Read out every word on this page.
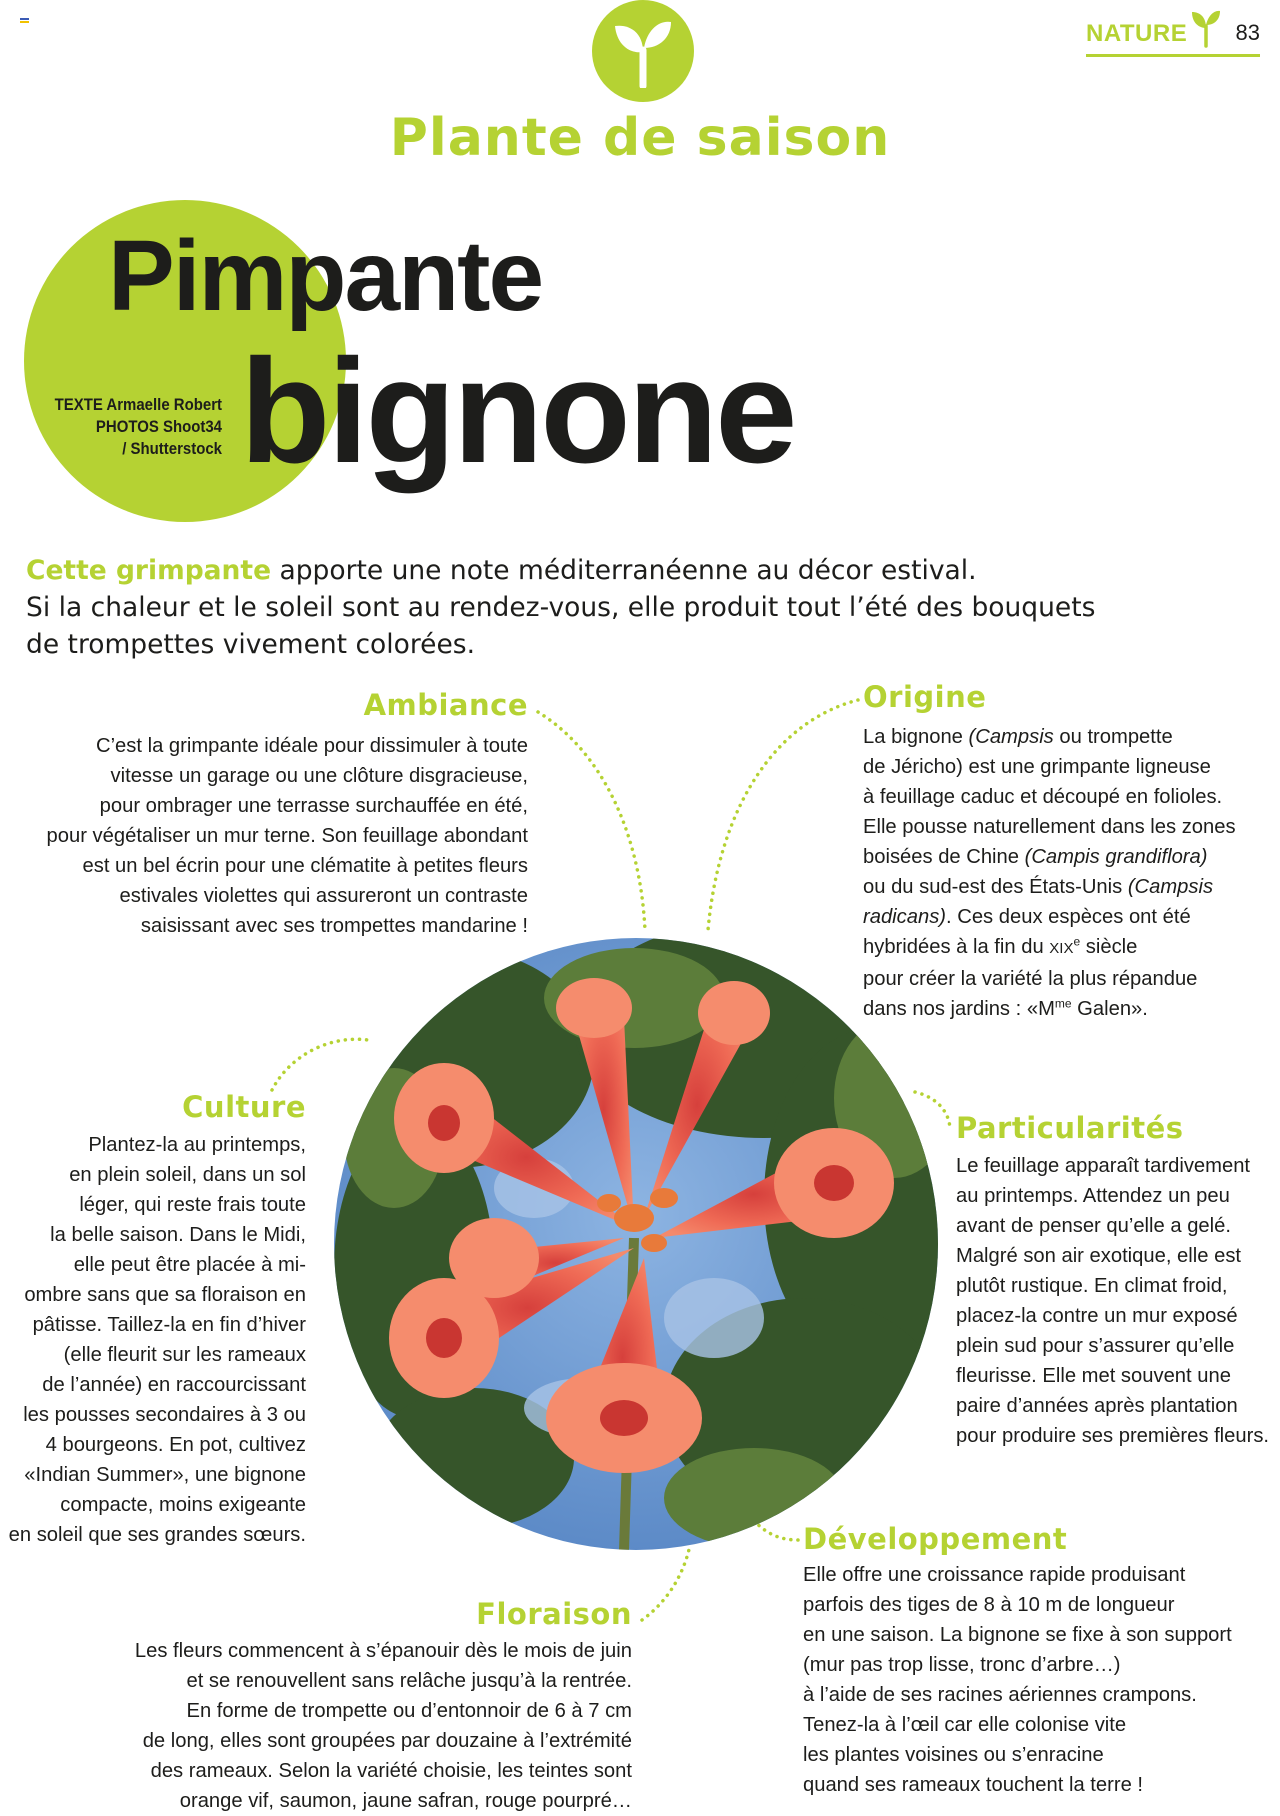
NATURE 83
Plante de saison
Pimpante
bignone
TEXTE Armaelle Robert
PHOTOS Shoot34
/ Shutterstock
Cette grimpante apporte une note méditerranéenne au décor estival.
Si la chaleur et le soleil sont au rendez-vous, elle produit tout l’été des bouquets
de trompettes vivement colorées.
Ambiance

C’est la grimpante idéale pour dissimuler à toute

vitesse un garage ou une clôture disgracieuse,

pour ombrager une terrasse surchauffée en été,

pour végétaliser un mur terne. Son feuillage abondant

est un bel écrin pour une clématite à petites fleurs

estivales violettes qui assureront un contraste

saisissant avec ses trompettes mandarine !

Origine

La bignone (Campsis ou trompette

de Jéricho) est une grimpante ligneuse

à feuillage caduc et découpé en folioles.

Elle pousse naturellement dans les zones

boisées de Chine (Campis grandiflora)

ou du sud-est des États-Unis (Campsis

radicans). Ces deux espèces ont été

hybridées à la fin du XIXe siècle

pour créer la variété la plus répandue

dans nos jardins : «$M^{me}$ Galen».

Culture

Plantez-la au printemps,

en plein soleil, dans un sol

léger, qui reste frais toute

la belle saison. Dans le Midi,

elle peut être placée à mi-

ombre sans que sa floraison en

pâtisse. Taillez-la en fin d’hiver

(elle fleurit sur les rameaux

de l’année) en raccourcissant

les pousses secondaires à 3 ou

4 bourgeons. En pot, cultivez

«Indian Summer», une bignone

compacte, moins exigeante

en soleil que ses grandes sœurs.

Particularités

Le feuillage apparaît tardivement

au printemps. Attendez un peu

avant de penser qu’elle a gelé.

Malgré son air exotique, elle est

plutôt rustique. En climat froid,

placez-la contre un mur exposé

plein sud pour s’assurer qu’elle

fleurisse. Elle met souvent une

paire d’années après plantation

pour produire ses premières fleurs.

Développement

Elle offre une croissance rapide produisant

parfois des tiges de 8 à 10 m de longueur

en une saison. La bignone se fixe à son support

(mur pas trop lisse, tronc d’arbre…)

à l’aide de ses racines aériennes crampons.

Tenez-la à l’œil car elle colonise vite

les plantes voisines ou s’enracine

quand ses rameaux touchent la terre !

Floraison

Les fleurs commencent à s’épanouir dès le mois de juin

et se renouvellent sans relâche jusqu’à la rentrée.

En forme de trompette ou d’entonnoir de 6 à 7 cm

de long, elles sont groupées par douzaine à l’extrémité

des rameaux. Selon la variété choisie, les teintes sont

orange vif, saumon, jaune safran, rouge pourpré…
